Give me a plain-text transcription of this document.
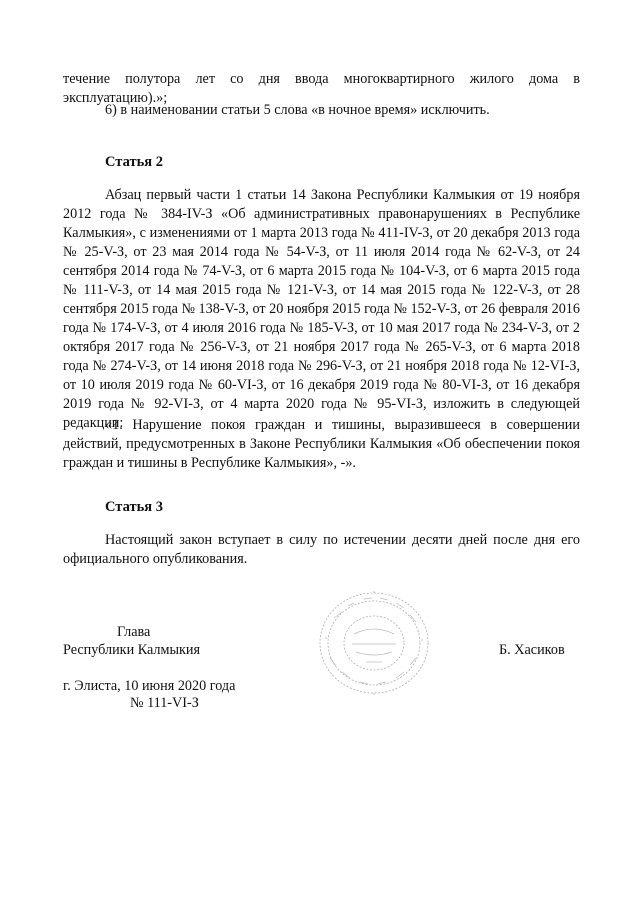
течение полутора лет со дня ввода многоквартирного жилого дома в эксплуатацию).»;

6) в наименовании статьи 5 слова «в ночное время» исключить.

Статья 2

Абзац первый части 1 статьи 14 Закона Республики Калмыкия от 19 ноября 2012 года № 384-IV-З «Об административных правонарушениях в Республике Калмыкия», с изменениями от 1 марта 2013 года № 411-IV-З, от 20 декабря 2013 года № 25-V-З, от 23 мая 2014 года № 54-V-З, от 11 июля 2014 года № 62-V-З, от 24 сентября 2014 года № 74-V-З, от 6 марта 2015 года № 104-V-З, от 6 марта 2015 года № 111-V-З, от 14 мая 2015 года № 121-V-З, от 14 мая 2015 года № 122-V-З, от 28 сентября 2015 года № 138-V-З, от 20 ноября 2015 года № 152-V-З, от 26 февраля 2016 года № 174-V-З, от 4 июля 2016 года № 185-V-З, от 10 мая 2017 года № 234-V-З, от 2 октября 2017 года № 256-V-З, от 21 ноября 2017 года № 265-V-З, от 6 марта 2018 года № 274-V-З, от 14 июня 2018 года № 296-V-З, от 21 ноября 2018 года № 12-VI-З, от 10 июля 2019 года № 60-VI-З, от 16 декабря 2019 года № 80-VI-З, от 16 декабря 2019 года № 92-VI-З, от 4 марта 2020 года № 95-VI-З, изложить в следующей редакции:

«1. Нарушение покоя граждан и тишины, выразившееся в совершении действий, предусмотренных в Законе Республики Калмыкия «Об обеспечении покоя граждан и тишины в Республике Калмыкия», -».

Статья 3

Настоящий закон вступает в силу по истечении десяти дней после дня его официального опубликования.

Глава

Республики Калмыкия	Б. Хасиков

г. Элиста, 10 июня 2020 года

№ 111-VI-З
